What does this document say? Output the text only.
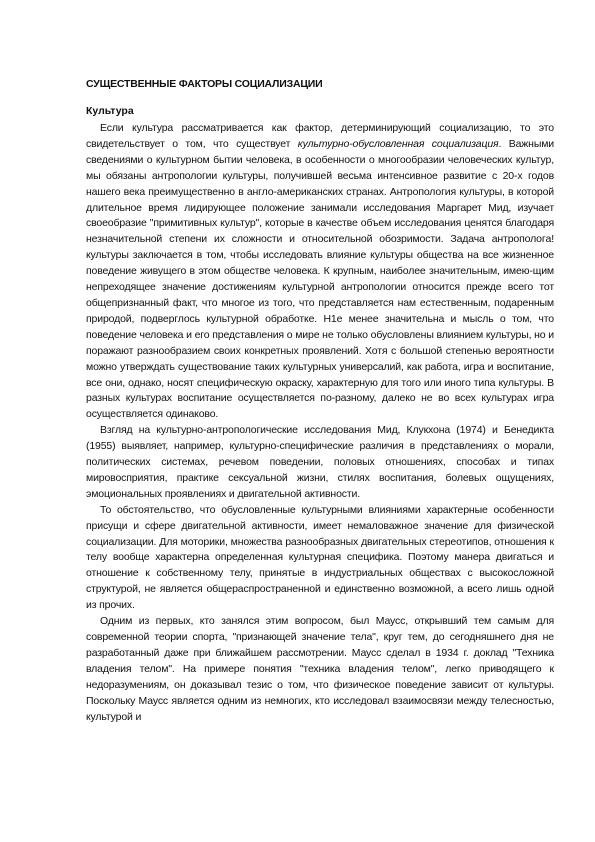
СУЩЕСТВЕННЫЕ ФАКТОРЫ СОЦИАЛИЗАЦИИ
Культура

Если культура рассматривается как фактор, детерминирующий социализацию, то это свидетельствует о том, что существует культурно-обусловленная социализация. Важными сведениями о культурном бытии человека, в особенности о многообразии человеческих культур, мы обязаны антропологии культуры, получившей весьма интенсивное развитие с 20-х годов нашего века преимущественно в англо-американских странах. Антропология культуры, в которой длительное время лидирующее положение занимали исследования Маргарет Мид, изучает своеобразие "примитивных культур", которые в качестве объем исследования ценятся благодаря незначительной степени их сложности и относительной обозримости. Задача антропологa! культуры заключается в том, чтобы исследовать влияние культуры общества на все жизненное поведение живущего в этом обществе человека. К крупным, наиболее значительным, имею-щим непреходящее значение достижениям культурной антропологии относится прежде всего тот общепризнанный факт, что многое из того, что представляется нам естественным, подаренным природой, подверглось культурной обработке. Н1е менее значительна и мысль о том, что поведение человека и его представления о мире не только обусловлены влиянием культуры, но и поражают разнообразием своих конкретных проявлений. Хотя с большой степенью вероятности можно утверждать существование таких культурных универсалий, как работа, игра и воспитание, все они, однако, носят специфическую окраску, характерную для того или иного типа культуры. В разных культурах воспитание осуществляется по-разному, далеко не во всех культурах игра осуществляется одинаково.

Взгляд на культурно-антропологические исследования Мид, Клукхона (1974) и Бенедикта (1955) выявляет, например, культурно-специфические различия в представлениях о морали, политических системах, речевом поведении, половых отношениях, способах и типах мировосприятия, практике сексуальной жизни, стилях воспитания, болевых ощущениях, эмоциональных проявлениях и двигательной активности.

То обстоятельство, что обусловленные культурными влияниями характерные особенности присущи и сфере двигательной активности, имеет немаловажное значение для физической социализации. Для моторики, множества разнообразных двигательных стереотипов, отношения к телу вообще характерна определенная культурная специфика. Поэтому манера двигаться и отношение к собственному телу, принятые в индустриальных обществах с высокосложной структурой, не является общераспространенной и единственно возможной, а всего лишь одной из прочих.

Одним из первых, кто занялся этим вопросом, был Маусс, открывший тем самым для современной теории спорта, "признающей значение тела", круг тем, до сегодняшнего дня не разработанный даже при ближайшем рассмотрении. Маусс сделал в 1934 г. доклад "Техника владения телом". На примере понятия "техника владения телом", легко приводящего к недоразумениям, он доказывал тезис о том, что физическое поведение зависит от культуры. Поскольку Маусс является одним из немногих, кто исследовал взаимосвязи между телесностью, культурой и
